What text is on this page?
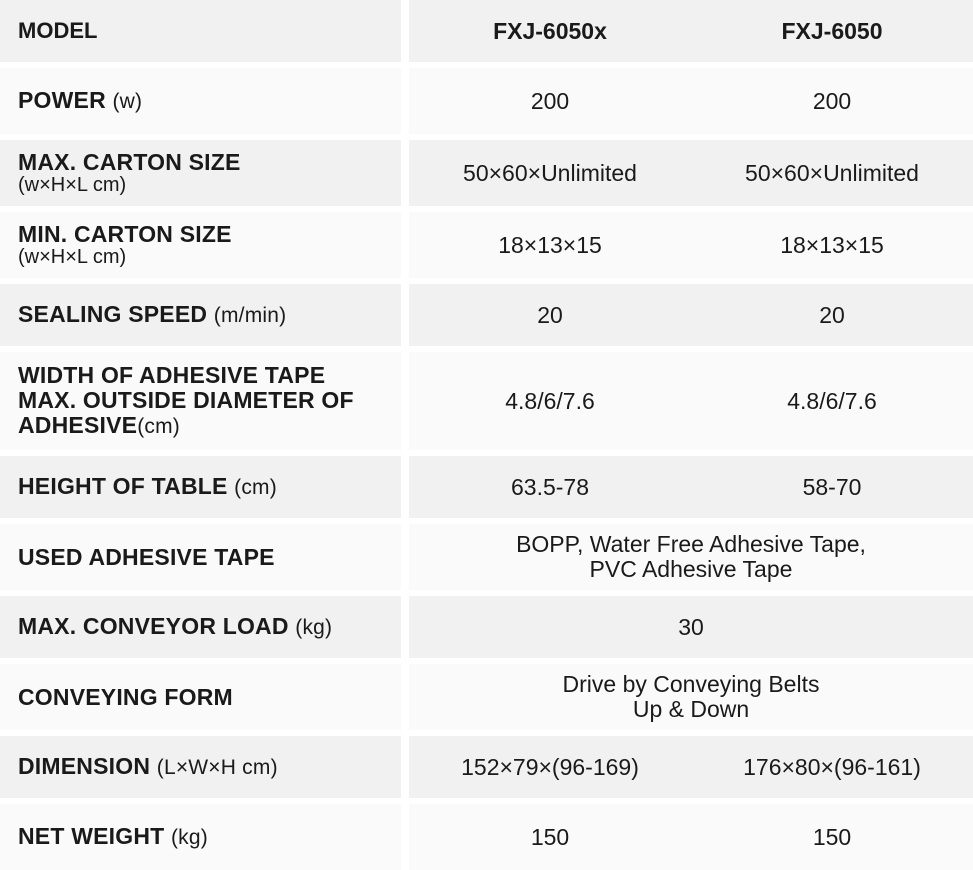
MODEL	FXJ-6050x	FXJ-6050
POWER (w)	200	200
MAX. CARTON SIZE
(w×H×L cm)	50×60×Unlimited	50×60×Unlimited
MIN. CARTON SIZE
(w×H×L cm)	18×13×15	18×13×15
SEALING SPEED (m/min)	20	20
WIDTH OF ADHESIVE TAPE
MAX. OUTSIDE DIAMETER OF
ADHESIVE(cm)
4.8/6/7.6	4.8/6/7.6
HEIGHT OF TABLE (cm)	63.5-78	58-70
USED ADHESIVE TAPE	BOPP, Water Free Adhesive Tape,
PVC Adhesive Tape
MAX. CONVEYOR LOAD (kg)	30
CONVEYING FORM	Drive by Conveying Belts
Up & Down
DIMENSION (L×W×H cm)	152×79×(96-169)	176×80×(96-161)
NET WEIGHT (kg)	150	150
